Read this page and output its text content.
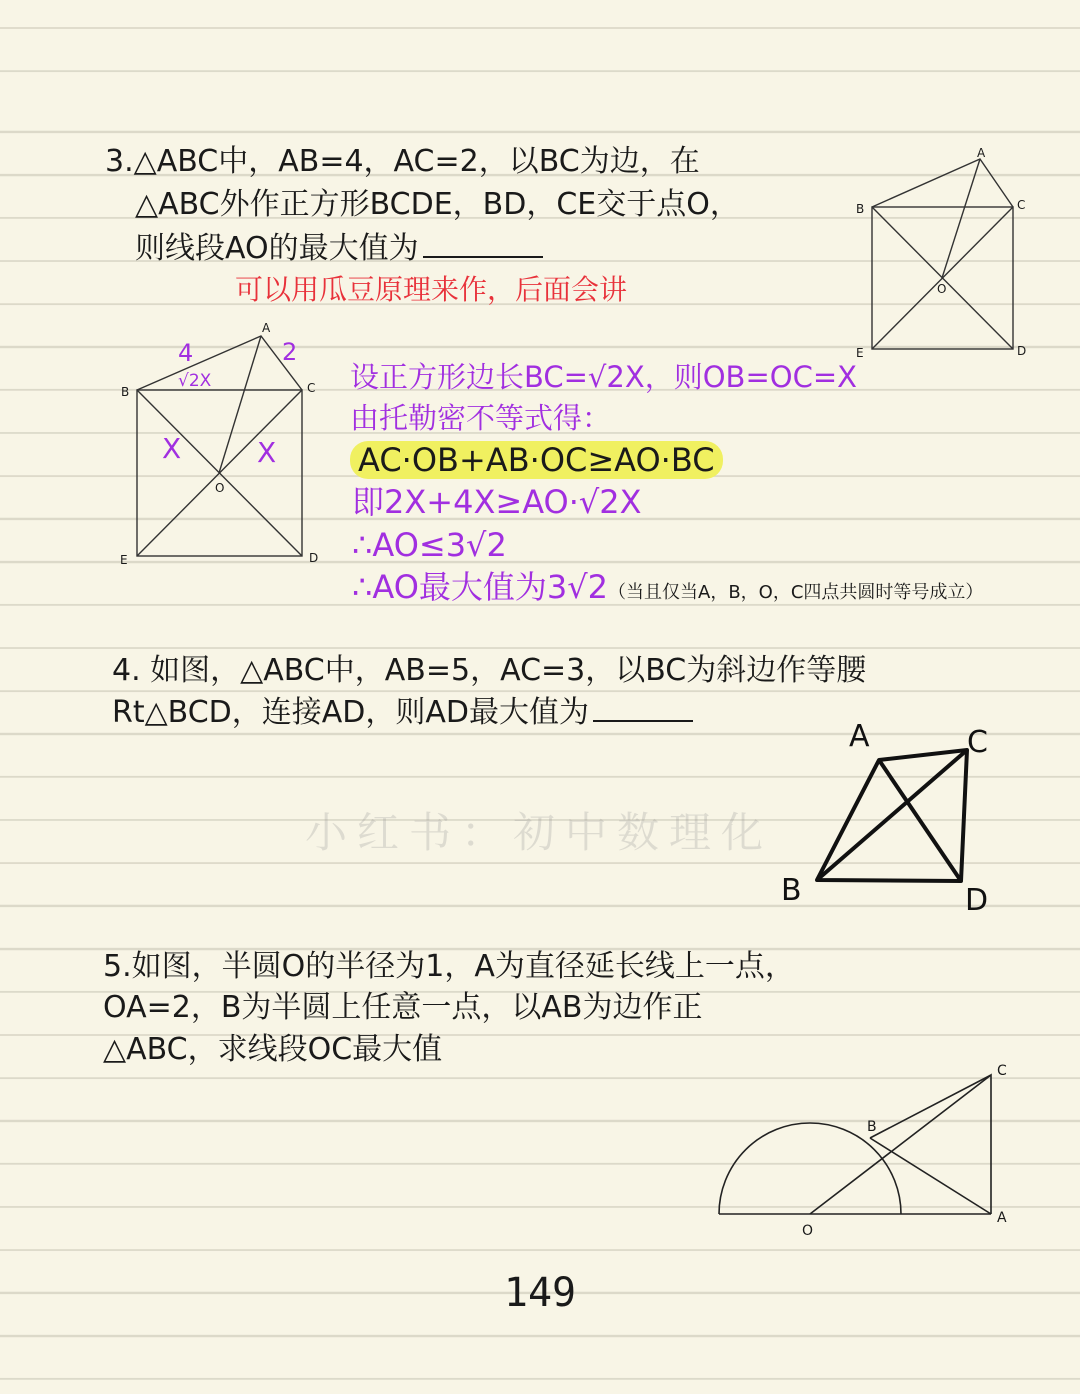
3.△ABC中，AB=4，AC=2，以BC为边，在
△ABC外作正方形BCDE，BD，CE交于点O，
则线段AO的最大值为
可以用瓜豆原理来作，后面会讲
A
B	C
D
E
O
A
B	C
D
E
O
4	2
√2X
X	X
设正方形边长BC=√2X，则OB=OC=X
由托勒密不等式得：
AC·OB+AB·OC≥AO·BC
即2X+4X≥AO·√2X
∴AO≤3√2
∴AO最大值为3√2（当且仅当A，B，O，C四点共圆时等号成立）
4. 如图，△ABC中，AB=5，AC=3，以BC为斜边作等腰
Rt△BCD，连接AD，则AD最大值为
A	C
B	D
小红书：初中数理化
5.如图，半圆O的半径为1，A为直径延长线上一点，
OA=2，B为半圆上任意一点，以AB为边作正
△ABC，求线段OC最大值
O
A
B
C
149
